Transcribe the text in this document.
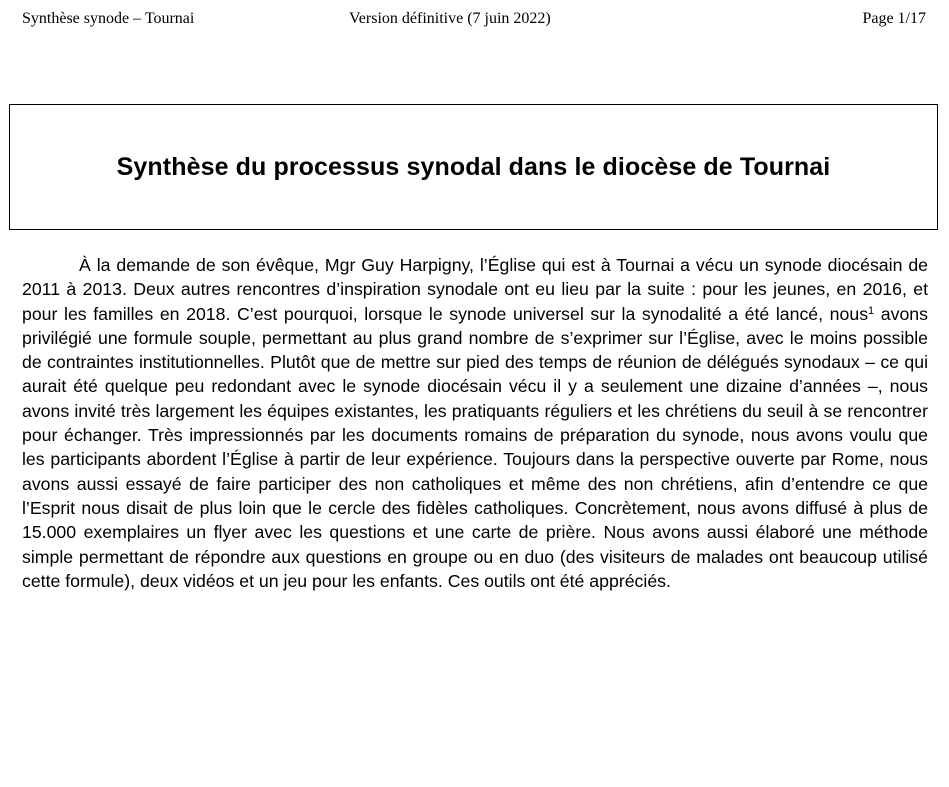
Synthèse synode – Tournai	Version définitive (7 juin 2022)	Page 1/17
Synthèse du processus synodal dans le diocèse de Tournai

À la demande de son évêque, Mgr Guy Harpigny, l’Église qui est à Tournai a vécu un synode diocésain de 2011 à 2013. Deux autres rencontres d’inspiration synodale ont eu lieu par la suite : pour les jeunes, en 2016, et pour les familles en 2018. C’est pourquoi, lorsque le synode universel sur la synodalité a été lancé, nous$^1$ avons privilégié une formule souple, permettant au plus grand nombre de s’exprimer sur l’Église, avec le moins possible de contraintes institutionnelles. Plutôt que de mettre sur pied des temps de réunion de délégués synodaux – ce qui aurait été quelque peu redondant avec le synode diocésain vécu il y a seulement une dizaine d’années –, nous avons invité très largement les équipes existantes, les pratiquants réguliers et les chrétiens du seuil à se rencontrer pour échanger. Très impressionnés par les documents romains de préparation du synode, nous avons voulu que les participants abordent l’Église à partir de leur expérience. Toujours dans la perspective ouverte par Rome, nous avons aussi essayé de faire participer des non catholiques et même des non chrétiens, afin d’entendre ce que l’Esprit nous disait de plus loin que le cercle des fidèles catholiques. Concrètement, nous avons diffusé à plus de 15.000 exemplaires un flyer avec les questions et une carte de prière. Nous avons aussi élaboré une méthode simple permettant de répondre aux questions en groupe ou en duo (des visiteurs de malades ont beaucoup utilisé cette formule), deux vidéos et un jeu pour les enfants. Ces outils ont été appréciés.
